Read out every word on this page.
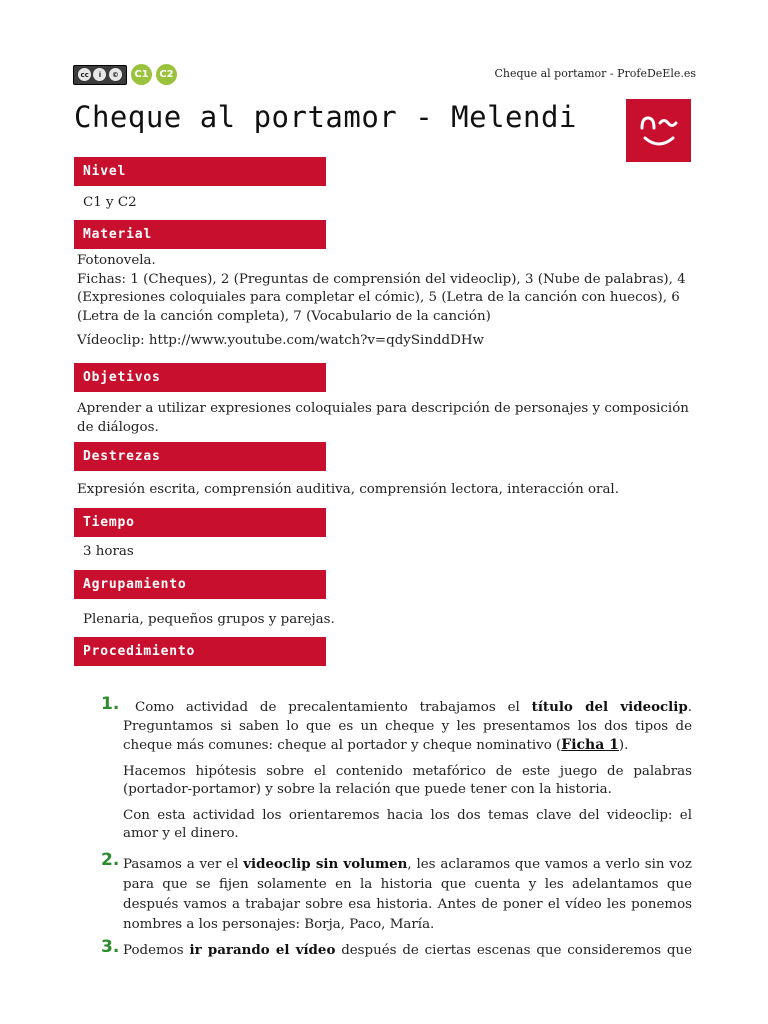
cc	i	©	C1	C2	Cheque al portamor - ProfeDeEle.es
Cheque al portamor - Melendi
Nivel
C1 y C2
Material

Fotonovela.

Fichas: 1 (Cheques), 2 (Preguntas de comprensión del videoclip), 3 (Nube de palabras), 4 (Expresiones coloquiales para completar el cómic), 5 (Letra de la canción con huecos), 6 (Letra de la canción completa), 7 (Vocabulario de la canción)

Vídeoclip: http://www.youtube.com/watch?v=qdySinddDHw

Objetivos
Aprender a utilizar expresiones coloquiales para descripción de personajes y composición de diálogos.
Destrezas
Expresión escrita, comprensión auditiva, comprensión lectora, interacción oral.
Tiempo
3 horas
Agrupamiento
Plenaria, pequeños grupos y parejas.
Procedimiento
1.	Como actividad de precalentamiento trabajamos el título del videoclip. Preguntamos si saben lo que es un cheque y les presentamos los dos tipos de cheque más comunes: cheque al portador y cheque nominativo (Ficha 1).

Hacemos hipótesis sobre el contenido metafórico de este juego de palabras (portador-portamor) y sobre la relación que puede tener con la historia.

Con esta actividad los orientaremos hacia los dos temas clave del videoclip: el amor y el dinero.

2. Pasamos a ver el videoclip sin volumen, les aclaramos que vamos a verlo sin voz para que se fijen solamente en la historia que cuenta y les adelantamos que después vamos a trabajar sobre esa historia. Antes de poner el vídeo les ponemos nombres a los personajes: Borja, Paco, María.

3. Podemos ir parando el vídeo después de ciertas escenas que consideremos que
